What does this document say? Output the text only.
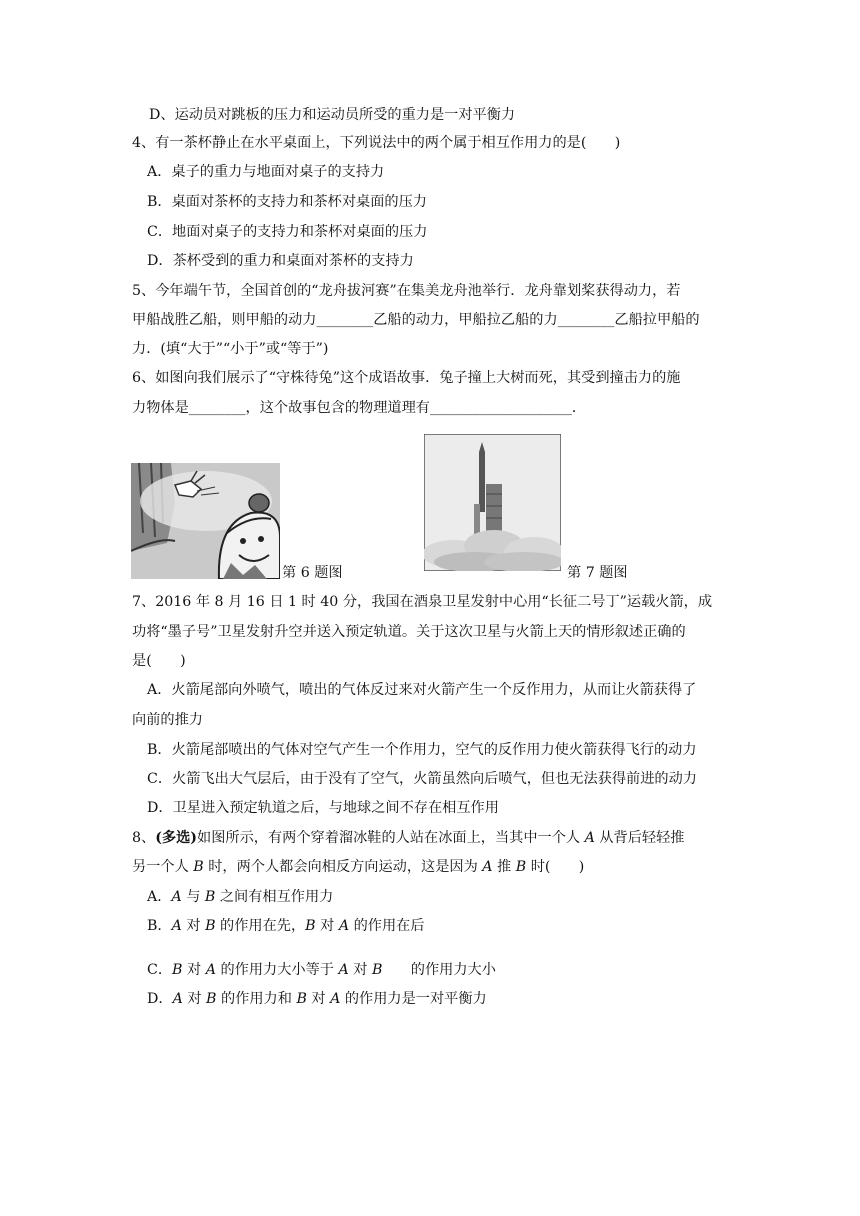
D、运动员对跳板的压力和运动员所受的重力是一对平衡力
4、有一茶杯静止在水平桌面上，下列说法中的两个属于相互作用力的是(　　)
A．桌子的重力与地面对桌子的支持力
B．桌面对茶杯的支持力和茶杯对桌面的压力
C．地面对桌子的支持力和茶杯对桌面的压力
D．茶杯受到的重力和桌面对茶杯的支持力
5、今年端午节，全国首创的“龙舟拔河赛”在集美龙舟池举行．龙舟靠划桨获得动力，若
甲船战胜乙船，则甲船的动力________乙船的动力，甲船拉乙船的力________乙船拉甲船的
力．(填“大于”“小于”或“等于”)
6、如图向我们展示了“守株待兔”这个成语故事．兔子撞上大树而死，其受到撞击力的施
力物体是________，这个故事包含的物理道理有____________________．
第 6 题图	第 7 题图
7、2016 年 8 月 16 日 1 时 40 分，我国在酒泉卫星发射中心用“长征二号丁”运载火箭，成
功将“墨子号”卫星发射升空并送入预定轨道。关于这次卫星与火箭上天的情形叙述正确的
是(　　)
A．火箭尾部向外喷气，喷出的气体反过来对火箭产生一个反作用力，从而让火箭获得了
向前的推力
B．火箭尾部喷出的气体对空气产生一个作用力，空气的反作用力使火箭获得飞行的动力
C．火箭飞出大气层后，由于没有了空气，火箭虽然向后喷气，但也无法获得前进的动力
D．卫星进入预定轨道之后，与地球之间不存在相互作用
8、(多选)如图所示，有两个穿着溜冰鞋的人站在冰面上，当其中一个人 A 从背后轻轻推
另一个人 B 时，两个人都会向相反方向运动，这是因为 A 推 B 时(　　)
A．A 与 B 之间有相互作用力
B．A 对 B 的作用在先，B 对 A 的作用在后
C．B 对 A 的作用力大小等于 A 对 B　　的作用力大小
D．A 对 B 的作用力和 B 对 A 的作用力是一对平衡力
